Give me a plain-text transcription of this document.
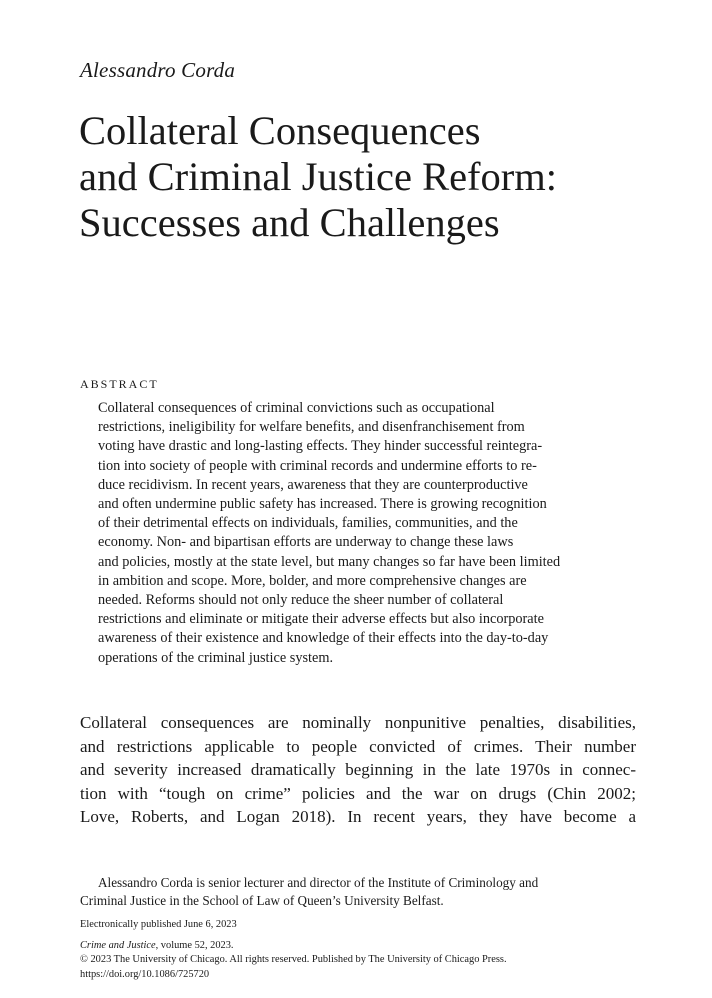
Alessandro Corda
Collateral Consequences
and Criminal Justice Reform:
Successes and Challenges
ABSTRACT
Collateral consequences of criminal convictions such as occupational
restrictions, ineligibility for welfare benefits, and disenfranchisement from
voting have drastic and long-lasting effects. They hinder successful reintegra-
tion into society of people with criminal records and undermine efforts to re-
duce recidivism. In recent years, awareness that they are counterproductive
and often undermine public safety has increased. There is growing recognition
of their detrimental effects on individuals, families, communities, and the
economy. Non- and bipartisan efforts are underway to change these laws
and policies, mostly at the state level, but many changes so far have been limited
in ambition and scope. More, bolder, and more comprehensive changes are
needed. Reforms should not only reduce the sheer number of collateral
restrictions and eliminate or mitigate their adverse effects but also incorporate
awareness of their existence and knowledge of their effects into the day-to-day
operations of the criminal justice system.
Collateral consequences are nominally nonpunitive penalties, disabilities,
and restrictions applicable to people convicted of crimes. Their number
and severity increased dramatically beginning in the late 1970s in connec-
tion with “tough on crime” policies and the war on drugs (Chin 2002;
Love, Roberts, and Logan 2018). In recent years, they have become a
Alessandro Corda is senior lecturer and director of the Institute of Criminology and
Criminal Justice in the School of Law of Queen’s University Belfast.
Electronically published June 6, 2023
Crime and Justice, volume 52, 2023.
© 2023 The University of Chicago. All rights reserved. Published by The University of Chicago Press.
https://doi.org/10.1086/725720
